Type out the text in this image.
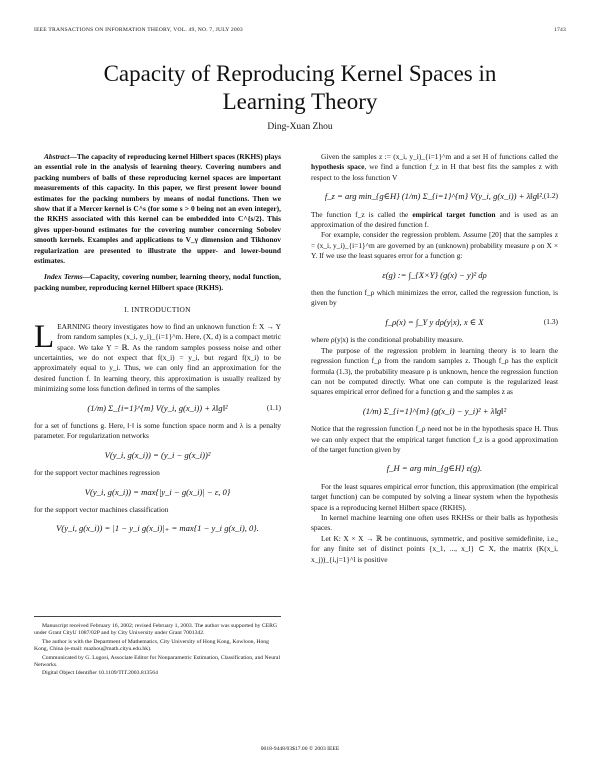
IEEE TRANSACTIONS ON INFORMATION THEORY, VOL. 49, NO. 7, JULY 2003	1743
Capacity of Reproducing Kernel Spaces in
Learning Theory
Ding-Xuan Zhou

Abstract—The capacity of reproducing kernel Hilbert spaces (RKHS) plays an essential role in the analysis of learning theory. Covering numbers and packing numbers of balls of these reproducing kernel spaces are important measurements of this capacity. In this paper, we first present lower bound estimates for the packing numbers by means of nodal functions. Then we show that if a Mercer kernel is C^s (for some s > 0 being not an even integer), the RKHS associated with this kernel can be embedded into C^{s/2}. This gives upper-bound estimates for the covering number concerning Sobolev smooth kernels. Examples and applications to V_γ dimension and Tikhonov regularization are presented to illustrate the upper- and lower-bound estimates.

Index Terms—Capacity, covering number, learning theory, nodal function, packing number, reproducing kernel Hilbert space (RKHS).

I. INTRODUCTION

LEARNING theory investigates how to find an unknown function f: X → Y from random samples (x_i, y_i)_{i=1}^m. Here, (X, d) is a compact metric space. We take Y = ℝ. As the random samples possess noise and other uncertainties, we do not expect that f(x_i) = y_i, but regard f(x_i) to be approximately equal to y_i. Thus, we can only find an approximation for the desired function f. In learning theory, this approximation is usually realized by minimizing some loss function defined in terms of the samples

(1/m) Σ_{i=1}^{m} V(y_i, g(x_i)) + λ‖g‖²	(1.1)

for a set of functions g. Here, ‖·‖ is some function space norm and λ is a penalty parameter. For regularization networks

V(y_i, g(x_i)) = (y_i − g(x_i))²

for the support vector machines regression

V(y_i, g(x_i)) = max{|y_i − g(x_i)| − ε, 0}

for the support vector machines classification

V(y_i, g(x_i)) = |1 − y_i g(x_i)|₊ = max{1 − y_i g(x_i), 0}.

Manuscript received February 16, 2002; revised February 1, 2003. The author was supported by CERG under Grant CityU 1087/02P and by City University under Grant 7001342.

The author is with the Department of Mathematics, City University of Hong Kong, Kowloon, Hong Kong, China (e-mail: mazhou@math.cityu.edu.hk).

Communicated by G. Lugosi, Associate Editor for Nonparametric Estimation, Classification, and Neural Networks.

Digital Object Identifier 10.1109/TIT.2003.813564

Given the samples z := (x_i, y_i)_{i=1}^m and a set H of functions called the hypothesis space, we find a function f_z in H that best fits the samples z with respect to the loss function V

f_z = arg min_{g∈H} (1/m) Σ_{i=1}^{m} V(y_i, g(x_i)) + λ‖g‖². (1.2)

The function f_z is called the empirical target function and is used as an approximation of the desired function f.

For example, consider the regression problem. Assume [20] that the samples z = (x_i, y_i)_{i=1}^m are governed by an (unknown) probability measure ρ on X × Y. If we use the least squares error for a function g:

ε(g) := ∫_{X×Y} (g(x) − y)² dρ

then the function f_ρ which minimizes the error, called the regression function, is given by

f_ρ(x) = ∫_Y y dρ(y|x), x ∈ X	(1.3)

where ρ(y|x) is the conditional probability measure.

The purpose of the regression problem in learning theory is to learn the regression function f_ρ from the random samples z. Though f_ρ has the explicit formula (1.3), the probability measure ρ is unknown, hence the regression function can not be computed directly. What one can compute is the regularized least squares empirical error defined for a function g and the samples z as

(1/m) Σ_{i=1}^{m} (g(x_i) − y_i)² + λ‖g‖²

Notice that the regression function f_ρ need not be in the hypothesis space H. Thus we can only expect that the empirical target function f_z is a good approximation of the target function given by

f_H = arg min_{g∈H} ε(g).

For the least squares empirical error function, this approximation (the empirical target function) can be computed by solving a linear system when the hypothesis space is a reproducing kernel Hilbert space (RKHS).

In kernel machine learning one often uses RKHSs or their balls as hypothesis spaces.

Let K: X × X → ℝ be continuous, symmetric, and positive semidefinite, i.e., for any finite set of distinct points {x_1, ..., x_l} ⊂ X, the matrix (K(x_i, x_j))_{i,j=1}^l is positive

0018-9448/03$17.00 © 2003 IEEE
